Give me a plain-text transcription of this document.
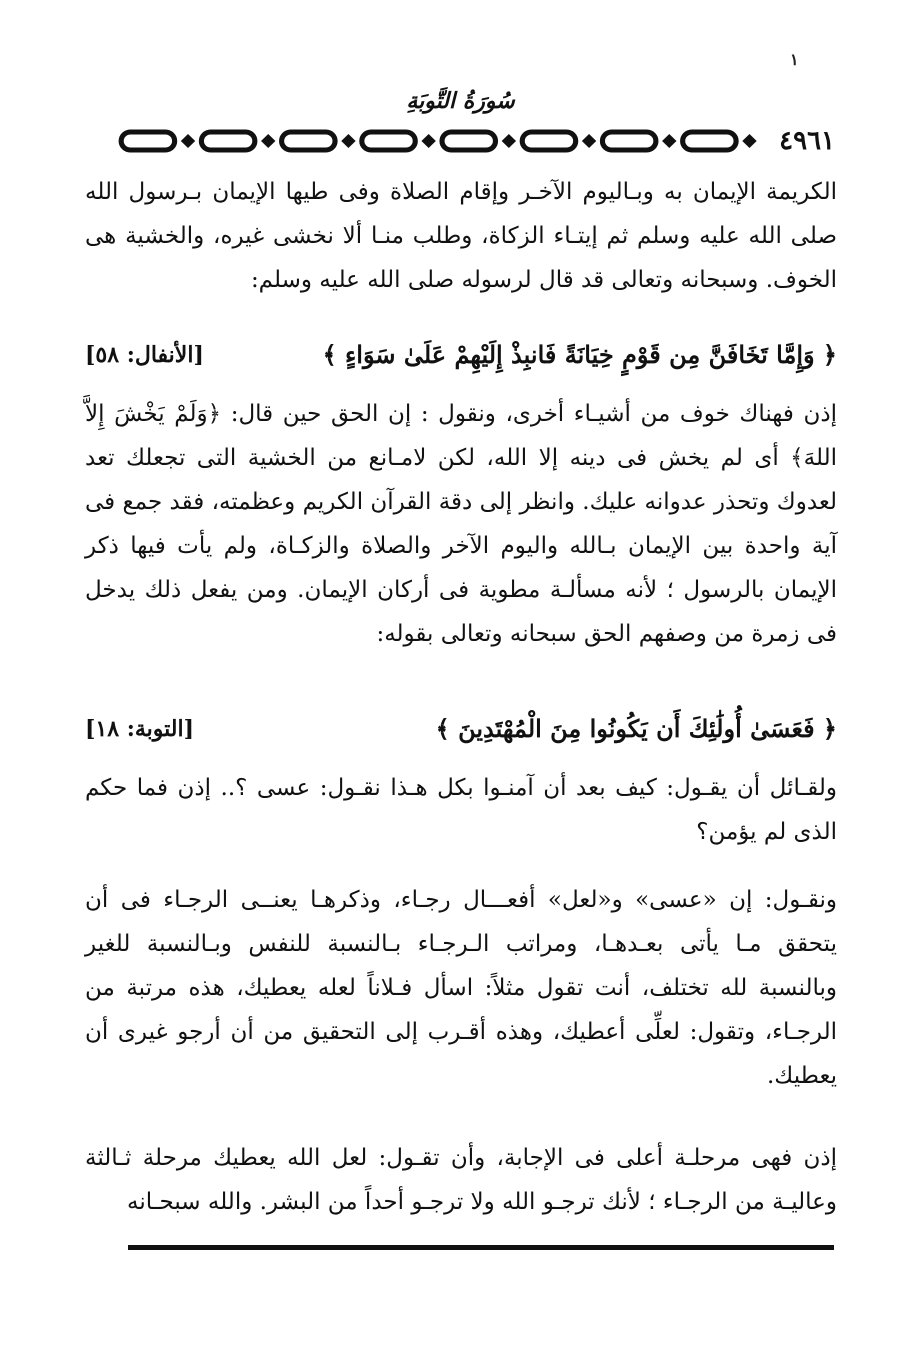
١
سُورَةُ التَّوبَةِ
٤٩٦١

الكريمة الإيمان به وبـاليوم الآخـر وإقام الصلاة وفى طيها الإيمان بـرسول الله صلى الله عليه وسلم ثم إيتـاء الزكاة، وطلب منـا ألا نخشى غيره، والخشية هى الخوف. وسبحانه وتعالى قد قال لرسوله صلى الله عليه وسلم:

﴿ وَإِمَّا تَخَافَنَّ مِن قَوْمٍ خِيَانَةً فَانبِذْ إِلَيْهِمْ عَلَىٰ سَوَاءٍ ﴾
[الأنفال: ٥٨]

إذن فهناك خوف من أشيـاء أخرى، ونقول : إن الحق حين قال: ﴿وَلَمْ يَخْشَ إِلاَّ اللهَ﴾ أى لم يخش فى دينه إلا الله، لكن لامـانع من الخشية التى تجعلك تعد لعدوك وتحذر عدوانه عليك. وانظر إلى دقة القرآن الكريم وعظمته، فقد جمع فى آية واحدة بين الإيمان بـالله واليوم الآخر والصلاة والزكـاة، ولم يأت فيها ذكر الإيمان بالرسول ؛ لأنه مسألـة مطوية فى أركان الإيمان. ومن يفعل ذلك يدخل فى زمرة من وصفهم الحق سبحانه وتعالى بقوله:

﴿ فَعَسَىٰ أُولَٰئِكَ أَن يَكُونُوا مِنَ الْمُهْتَدِينَ ﴾
[التوبة: ١٨]

ولقـائل أن يقـول: كيف بعد أن آمنـوا بكل هـذا نقـول: عسى ؟.. إذن فما حكم الذى لم يؤمن؟

ونقـول: إن «عسى» و«لعل» أفعـــال رجـاء، وذكرهـا يعنــى الرجـاء فى أن يتحقق مـا يأتى بعـدهـا، ومراتب الـرجـاء بـالنسبة للنفس وبـالنسبة للغير وبالنسبة لله تختلف، أنت تقول مثلاً: اسأل فـلاناً لعله يعطيك، هذه مرتبة من الرجـاء، وتقول: لعلِّى أعطيك، وهذه أقـرب إلى التحقيق من أن أرجو غيرى أن يعطيك.

إذن فهى مرحلـة أعلى فى الإجابة، وأن تقـول: لعل الله يعطيك مرحلة ثـالثة وعاليـة من الرجـاء ؛ لأنك ترجـو الله ولا ترجـو أحداً من البشر. والله سبحـانه
